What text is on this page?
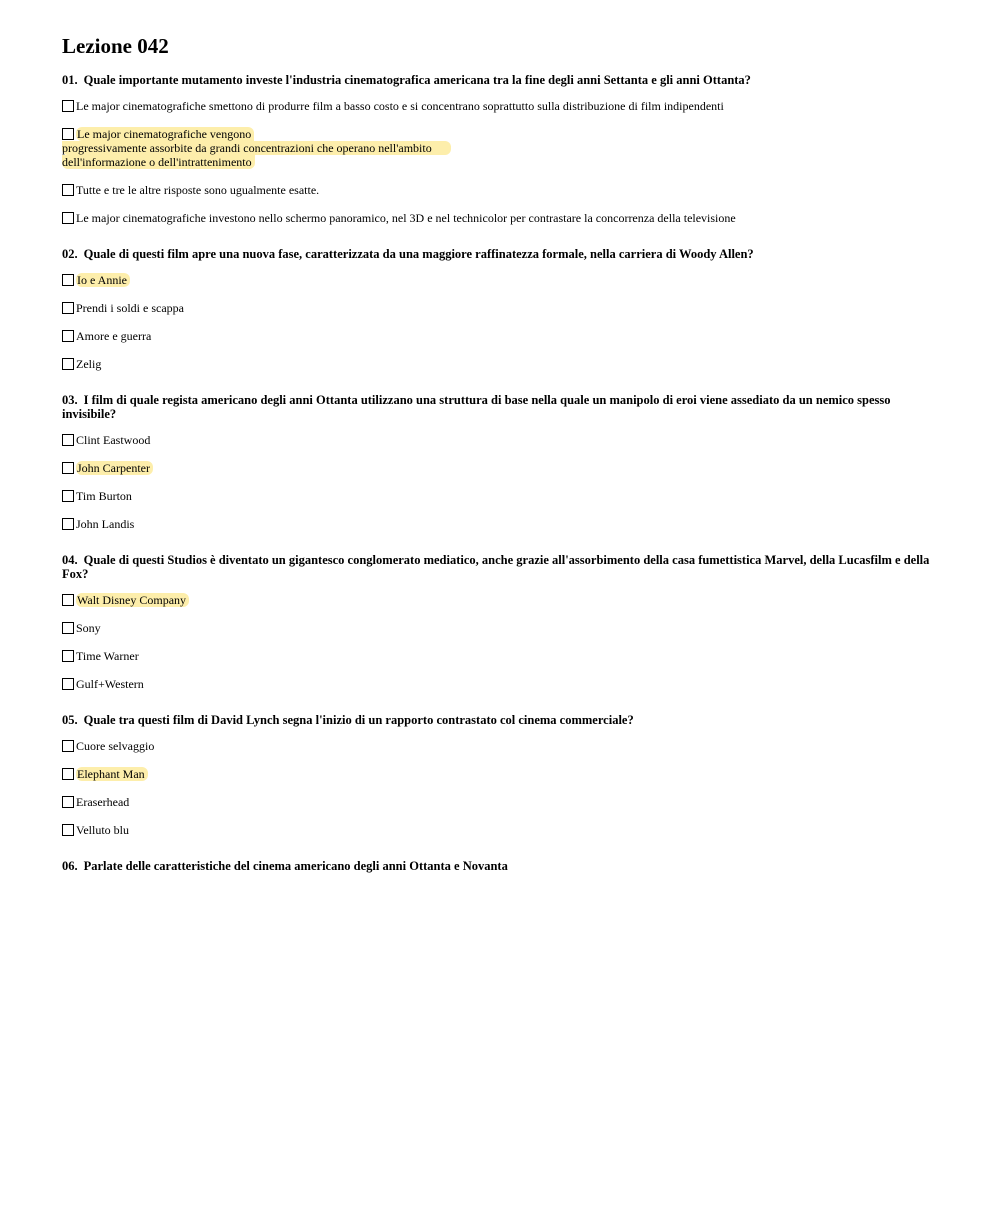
Lezione 042
01. Quale importante mutamento investe l'industria cinematografica americana tra la fine degli anni Settanta e gli anni Ottanta?
Le major cinematografiche smettono di produrre film a basso costo e si concentrano soprattutto sulla distribuzione di film indipendenti
Le major cinematografiche vengono
progressivamente assorbite da grandi concentrazioni che operano nell'ambito
dell'informazione o dell'intrattenimento
Tutte e tre le altre risposte sono ugualmente esatte.
Le major cinematografiche investono nello schermo panoramico, nel 3D e nel technicolor per contrastare la concorrenza della televisione
02. Quale di questi film apre una nuova fase, caratterizzata da una maggiore raffinatezza formale, nella carriera di Woody Allen?
Io e Annie
Prendi i soldi e scappa
Amore e guerra
Zelig
03. I film di quale regista americano degli anni Ottanta utilizzano una struttura di base nella quale un manipolo di eroi viene assediato da un nemico spesso invisibile?
Clint Eastwood
John Carpenter
Tim Burton
John Landis
04. Quale di questi Studios è diventato un gigantesco conglomerato mediatico, anche grazie all'assorbimento della casa fumettistica Marvel, della Lucasfilm e della Fox?
Walt Disney Company
Sony
Time Warner
Gulf+Western
05. Quale tra questi film di David Lynch segna l'inizio di un rapporto contrastato col cinema commerciale?
Cuore selvaggio
Elephant Man
Eraserhead
Velluto blu
06. Parlate delle caratteristiche del cinema americano degli anni Ottanta e Novanta
